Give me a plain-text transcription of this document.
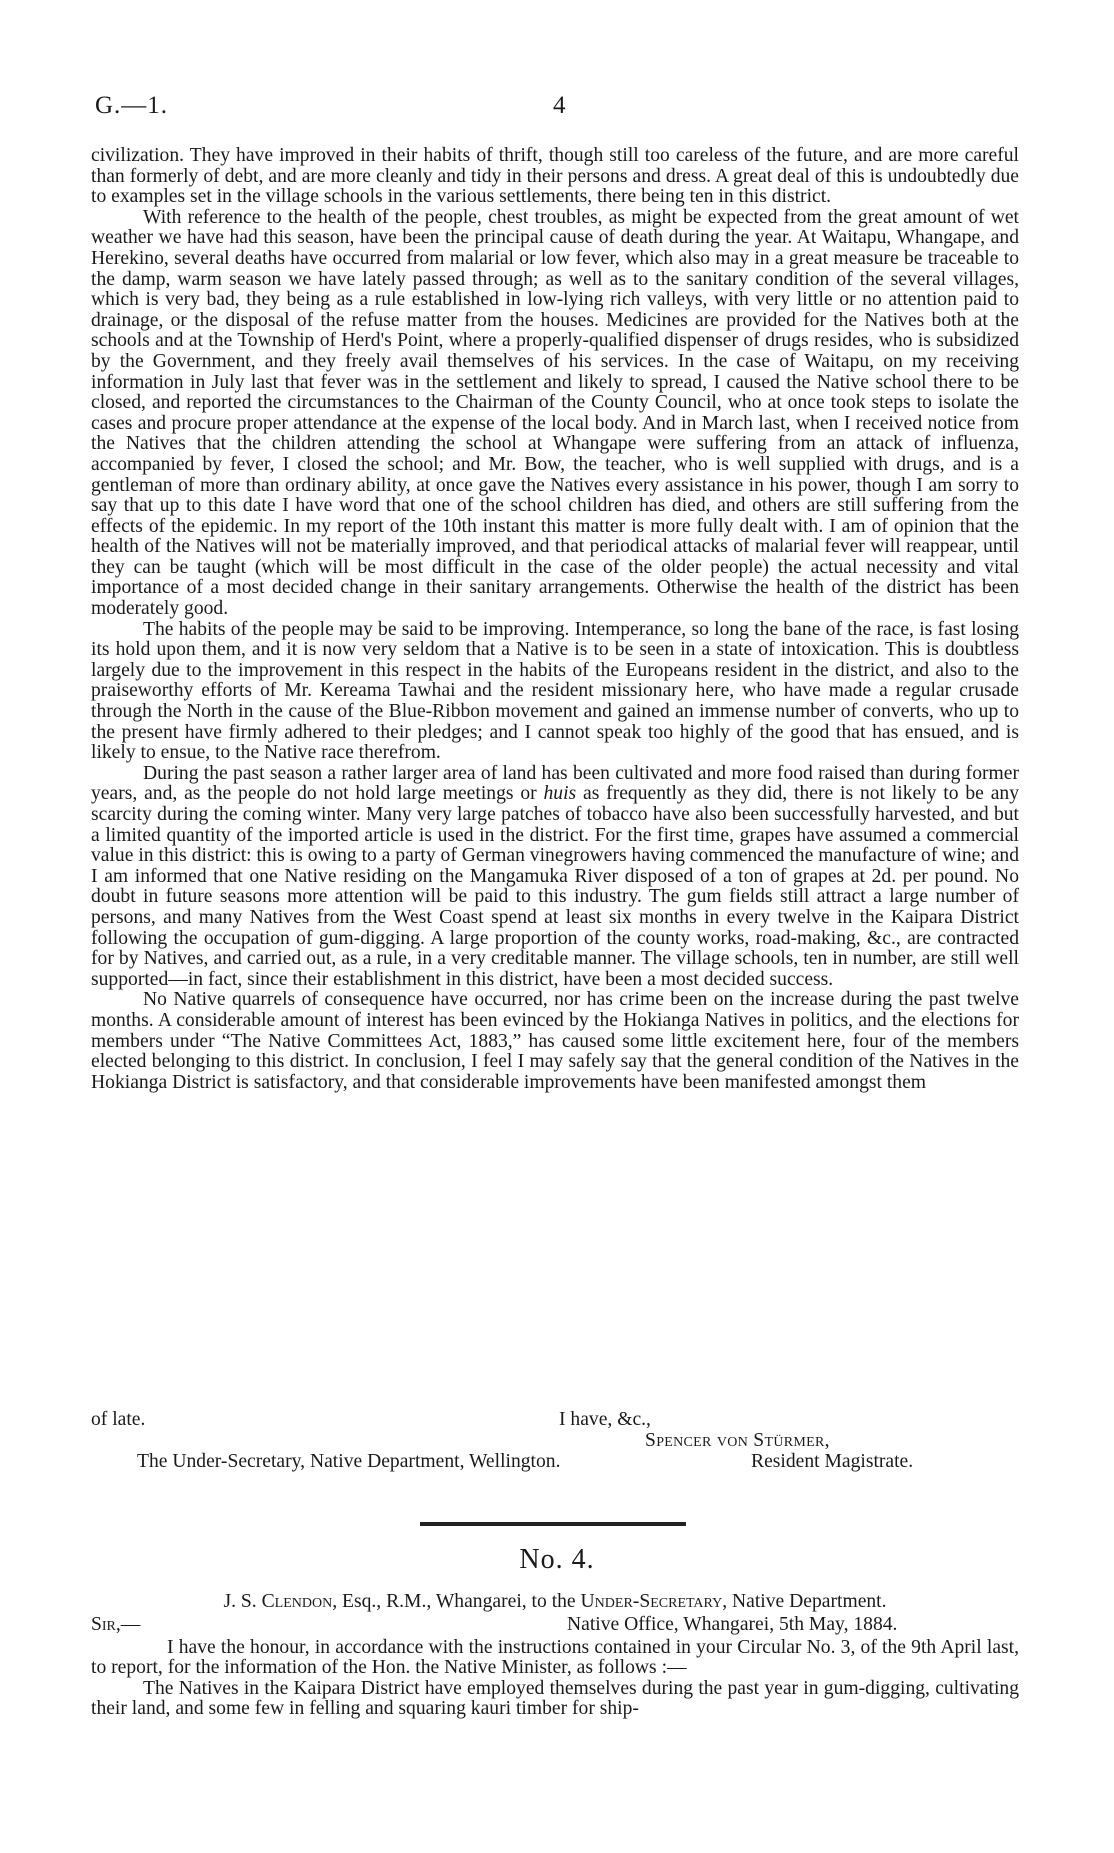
G.—1.	4

civilization. They have improved in their habits of thrift, though still too careless of the future, and are more careful than formerly of debt, and are more cleanly and tidy in their persons and dress. A great deal of this is undoubtedly due to examples set in the village schools in the various settlements, there being ten in this district.

With reference to the health of the people, chest troubles, as might be expected from the great amount of wet weather we have had this season, have been the principal cause of death during the year. At Waitapu, Whangape, and Herekino, several deaths have occurred from malarial or low fever, which also may in a great measure be traceable to the damp, warm season we have lately passed through; as well as to the sanitary condition of the several villages, which is very bad, they being as a rule established in low-lying rich valleys, with very little or no attention paid to drainage, or the disposal of the refuse matter from the houses. Medicines are provided for the Natives both at the schools and at the Township of Herd's Point, where a properly-qualified dispenser of drugs resides, who is subsidized by the Government, and they freely avail themselves of his services. In the case of Waitapu, on my receiving information in July last that fever was in the settlement and likely to spread, I caused the Native school there to be closed, and reported the circumstances to the Chairman of the County Council, who at once took steps to isolate the cases and procure proper attendance at the expense of the local body. And in March last, when I received notice from the Natives that the children attending the school at Whangape were suffering from an attack of influenza, accompanied by fever, I closed the school; and Mr. Bow, the teacher, who is well supplied with drugs, and is a gentleman of more than ordinary ability, at once gave the Natives every assistance in his power, though I am sorry to say that up to this date I have word that one of the school children has died, and others are still suffering from the effects of the epidemic. In my report of the 10th instant this matter is more fully dealt with. I am of opinion that the health of the Natives will not be materially improved, and that periodical attacks of malarial fever will reappear, until they can be taught (which will be most difficult in the case of the older people) the actual necessity and vital importance of a most decided change in their sanitary arrangements. Otherwise the health of the district has been moderately good.

The habits of the people may be said to be improving. Intemperance, so long the bane of the race, is fast losing its hold upon them, and it is now very seldom that a Native is to be seen in a state of intoxication. This is doubtless largely due to the improvement in this respect in the habits of the Europeans resident in the district, and also to the praiseworthy efforts of Mr. Kereama Tawhai and the resident missionary here, who have made a regular crusade through the North in the cause of the Blue-Ribbon movement and gained an immense number of converts, who up to the present have firmly adhered to their pledges; and I cannot speak too highly of the good that has ensued, and is likely to ensue, to the Native race therefrom.

During the past season a rather larger area of land has been cultivated and more food raised than during former years, and, as the people do not hold large meetings or huis as frequently as they did, there is not likely to be any scarcity during the coming winter. Many very large patches of tobacco have also been successfully harvested, and but a limited quantity of the imported article is used in the district. For the first time, grapes have assumed a commercial value in this district: this is owing to a party of German vinegrowers having commenced the manufacture of wine; and I am informed that one Native residing on the Mangamuka River disposed of a ton of grapes at 2d. per pound. No doubt in future seasons more attention will be paid to this industry. The gum fields still attract a large number of persons, and many Natives from the West Coast spend at least six months in every twelve in the Kaipara District following the occupation of gum-digging. A large proportion of the county works, road-making, &c., are contracted for by Natives, and carried out, as a rule, in a very creditable manner. The village schools, ten in number, are still well supported—in fact, since their establishment in this district, have been a most decided success.

No Native quarrels of consequence have occurred, nor has crime been on the increase during the past twelve months. A considerable amount of interest has been evinced by the Hokianga Natives in politics, and the elections for members under “The Native Committees Act, 1883,” has caused some little excitement here, four of the members elected belonging to this district. In conclusion, I feel I may safely say that the general condition of the Natives in the Hokianga District is satisfactory, and that considerable improvements have been manifested amongst them

of late.	I have, &c.,
Spencer von Stürmer,
The Under-Secretary, Native Department, Wellington.	Resident Magistrate.
No. 4.
J. S. Clendon, Esq., R.M., Whangarei, to the Under-Secretary, Native Department.
Sir,—	Native Office, Whangarei, 5th May, 1884.

I have the honour, in accordance with the instructions contained in your Circular No. 3, of the 9th April last, to report, for the information of the Hon. the Native Minister, as follows :—

The Natives in the Kaipara District have employed themselves during the past year in gum-digging, cultivating their land, and some few in felling and squaring kauri timber for ship-
